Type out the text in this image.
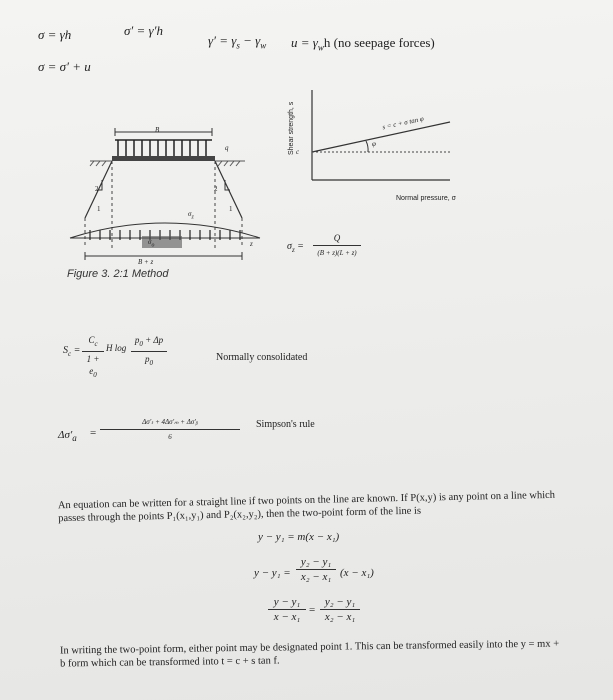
σ = γh	σ′ = γ′h
$\gamma' = \gamma_s - \gamma_w$ $u = \gamma_wh$ (no seepage forces)
σ = σ′ + u
B
q
2
1
2
1
$\sigma_z$
$\sigma_o$	z
B + z
Figure 3. 2:1 Method
Shear strength, s	s = c + σ tan φ
φ
c
Normal pressure, σ
$\sigma_z$ =
Q
(B + z)(L + z)
$S_c$ =
$C_c$
$1 + e_0$
H log
$p_0 + \Delta p$
$p_0$	Normally consolidated
$\Delta\sigma'_a$ =
Δσ′ₜ + 4Δσ′ₘ + Δσ′ᵦ
6
Simpson's rule
An equation can be written for a straight line if two points on the line are known. If P(x,y) is any point on a line which passes through the points P₁(x₁,y₁) and P₂(x₂,y₂), then the two-point form of the line is
y − y₁ = m(x − x₁)
y − y₁ =
y₂ − y₁
x₂ − x₁ (x − x₁)
y − y₁
x − x₁
=
y₂ − y₁
x₂ − x₁
In writing the two-point form, either point may be designated point 1. This can be transformed easily into the y = mx + b form which can be transformed into t = c + s tan f.
